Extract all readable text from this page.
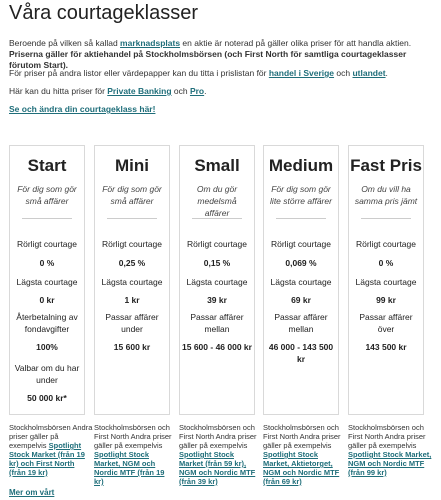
Våra courtageklasser
Beroende på vilken så kallad marknadsplats en aktie är noterad på gäller olika priser för att handla aktien.
Priserna gäller för aktiehandel på Stockholmsbörsen (och First North för samtliga courtageklasser förutom Start).
För priser på andra listor eller värdepapper kan du titta i prislistan för handel i Sverige och utlandet.
Här kan du hitta priser för Private Banking och Pro.
Se och ändra din courtageklass här!
Start
För dig som gör små affärer
Rörligt courtage
0 %
Lägsta courtage
0 kr
Återbetalning av fondavgifter
100%
Valbar om du har under
50 000 kr*
Mini
För dig som gör små affärer
Rörligt courtage
0,25 %
Lägsta courtage
1 kr
Passar affärer under
15 600 kr
Small
Om du gör medelsmå affärer
Rörligt courtage
0,15 %
Lägsta courtage
39 kr
Passar affärer mellan
15 600 - 46 000 kr
Medium
För dig som gör lite större affärer
Rörligt courtage
0,069 %
Lägsta courtage
69 kr
Passar affärer mellan
46 000 - 143 500 kr
Fast Pris
Om du vill ha samma pris jämt
Rörligt courtage
0 %
Lägsta courtage
99 kr
Passar affärer över
143 500 kr
Stockholmsbörsen Andra priser gäller på exempelvis Spotlight Stock Market (från 19 kr) och First North (från 19 kr)
Stockholmsbörsen och First North Andra priser gäller på exempelvis Spotlight Stock Market, NGM och Nordic MTF (från 19 kr)
Stockholmsbörsen och First North Andra priser gäller på exempelvis Spotlight Stock Market (från 59 kr), NGM och Nordic MTF (från 39 kr)
Stockholmsbörsen och First North Andra priser gäller på exempelvis Spotlight Stock Market, Aktietorget, NGM och Nordic MTF (från 69 kr)
Stockholmsbörsen och First North Andra priser gäller på exempelvis Spotlight Stock Market, NGM och Nordic MTF (från 99 kr)
Mer om vårt
